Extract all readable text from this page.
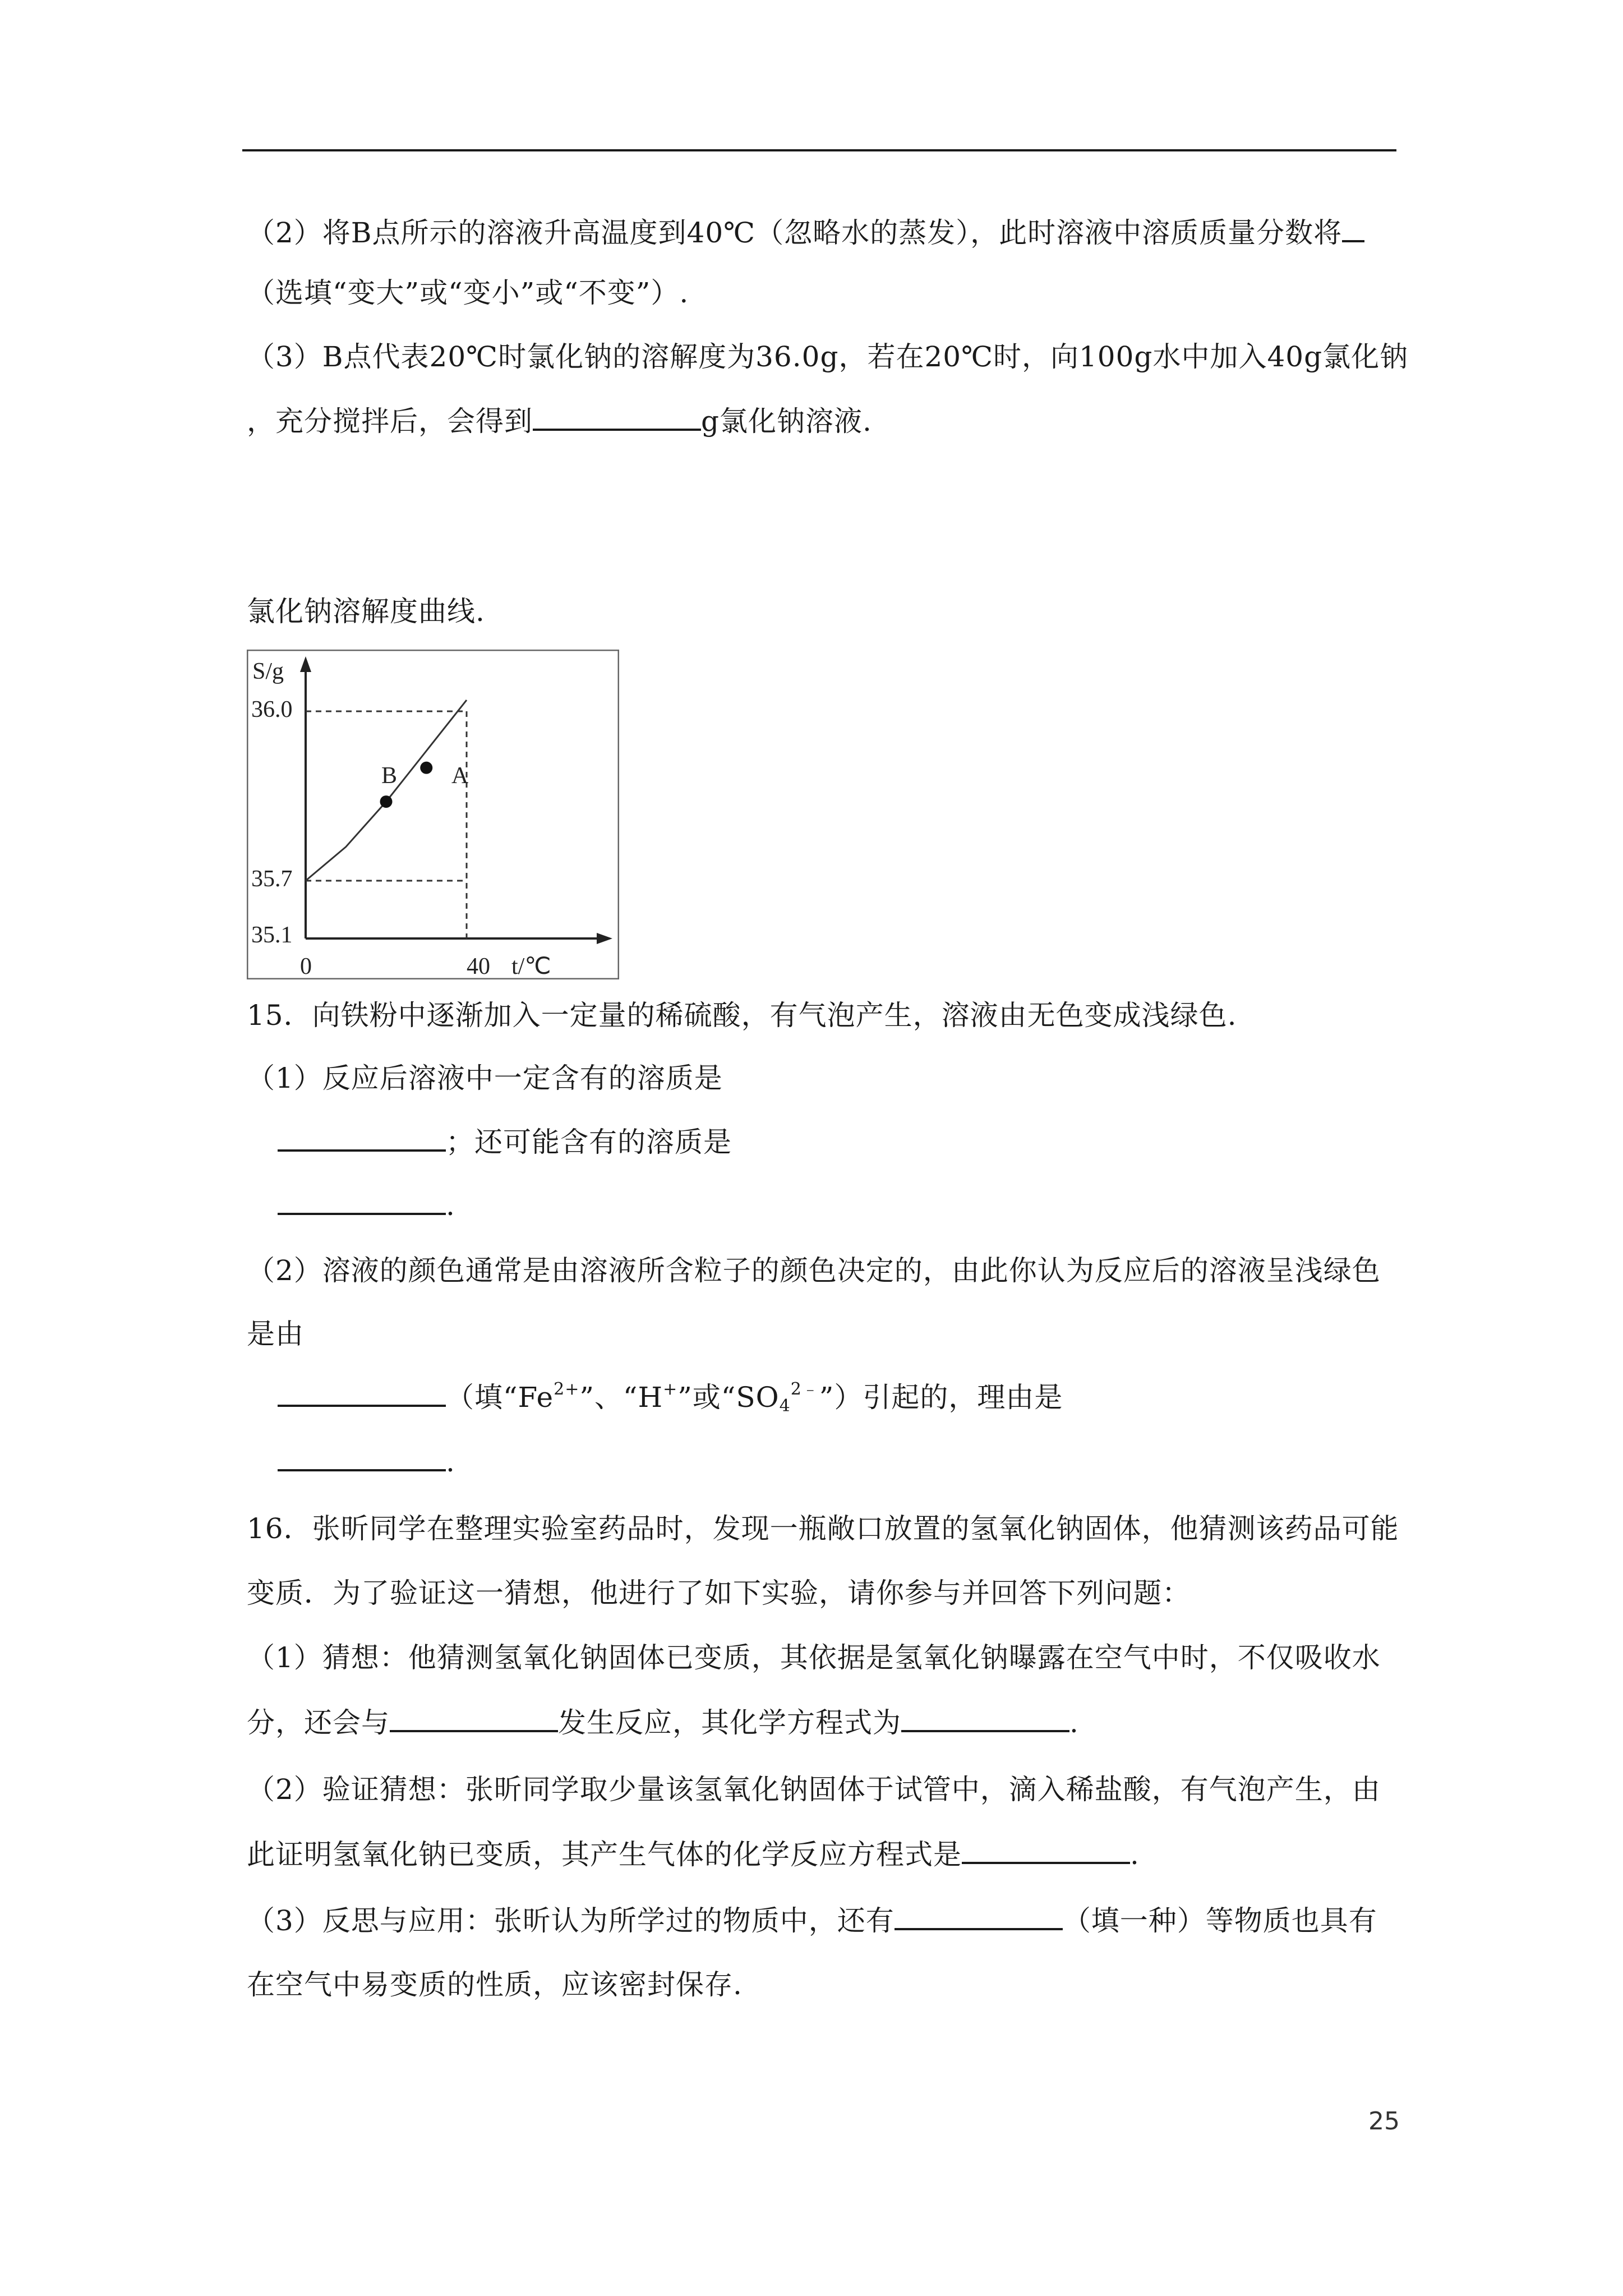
（2）将B点所示的溶液升高温度到40℃（忽略水的蒸发），此时溶液中溶质质量分数将
（选填“变大”或“变小”或“不变”）.
（3）B点代表20℃时氯化钠的溶解度为36.0g，若在20℃时，向100g水中加入40g氯化钠
，充分搅拌后，会得到	g氯化钠溶液.
氯化钠溶解度曲线.
S/g
36.0
35.7
35.1
0	40 t/℃
B A
15．向铁粉中逐渐加入一定量的稀硫酸，有气泡产生，溶液由无色变成浅绿色.
（1）反应后溶液中一定含有的溶质是
；还可能含有的溶质是
.
（2）溶液的颜色通常是由溶液所含粒子的颜色决定的，由此你认为反应后的溶液呈浅绿色
是由
（填“$Fe^{2+}$”、“H+”或“$SO_4^{2﹣}$”）引起的，理由是
.
16．张昕同学在整理实验室药品时，发现一瓶敞口放置的氢氧化钠固体，他猜测该药品可能
变质．为了验证这一猜想，他进行了如下实验，请你参与并回答下列问题：
（1）猜想：他猜测氢氧化钠固体已变质，其依据是氢氧化钠曝露在空气中时，不仅吸收水
分，还会与	发生反应，其化学方程式为	.
（2）验证猜想：张昕同学取少量该氢氧化钠固体于试管中，滴入稀盐酸，有气泡产生，由
此证明氢氧化钠已变质，其产生气体的化学反应方程式是	.
（3）反思与应用：张昕认为所学过的物质中，还有	（填一种）等物质也具有
在空气中易变质的性质，应该密封保存.
25
